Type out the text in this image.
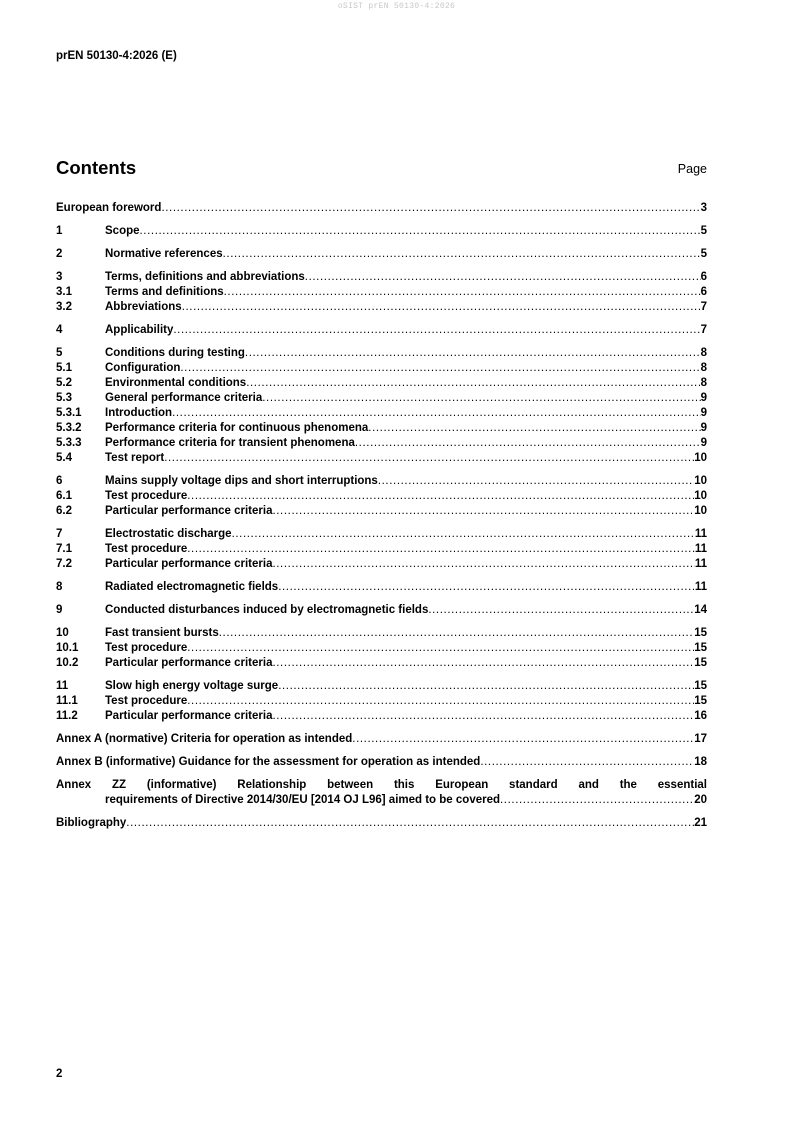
oSIST prEN 50130-4:2026
prEN 50130-4:2026 (E)
Contents	Page
European foreword .....	3
1	Scope .....	5
2	Normative references .....	5
3	Terms, definitions and abbreviations .....	6
3.1	Terms and definitions .....	6
3.2	Abbreviations .....	7
4	Applicability .....	7
5	Conditions during testing .....	8
5.1	Configuration .....	8
5.2	Environmental conditions .....	8
5.3	General performance criteria .....	9
5.3.1	Introduction .....	9
5.3.2	Performance criteria for continuous phenomena .....	9
5.3.3	Performance criteria for transient phenomena .....	9
5.4	Test report .....	10
6	Mains supply voltage dips and short interruptions .....	10
6.1	Test procedure .....	10
6.2	Particular performance criteria .....	10
7	Electrostatic discharge .....	11
7.1	Test procedure .....	11
7.2	Particular performance criteria .....	11
8	Radiated electromagnetic fields .....	11
9	Conducted disturbances induced by electromagnetic fields .....	14
10	Fast transient bursts .....	15
10.1	Test procedure .....	15
10.2	Particular performance criteria .....	15
11	Slow high energy voltage surge .....	15
11.1	Test procedure .....	15
11.2	Particular performance criteria .....	16
Annex A (normative) Criteria for operation as intended .....	17
Annex B (informative) Guidance for the assessment for operation as intended .....	18
Annex ZZ (informative) Relationship between this European standard and the essential
requirements of Directive 2014/30/EU [2014 OJ L96] aimed to be covered .....	20
Bibliography .....	21
2
